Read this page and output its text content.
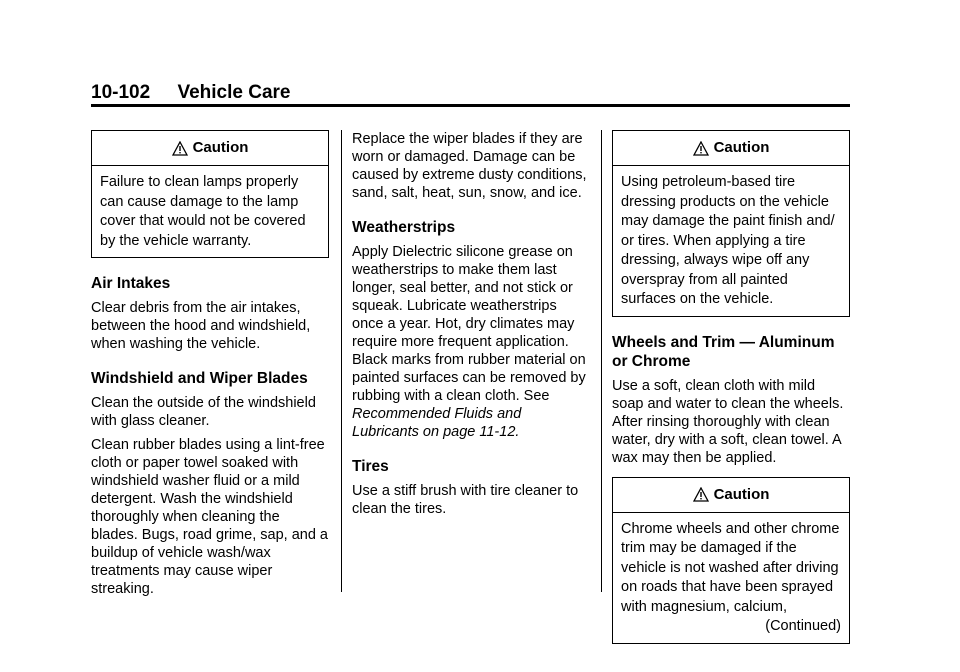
10-102 Vehicle Care
Caution
Failure to clean lamps properly can cause damage to the lamp cover that would not be covered by the vehicle warranty.
Air Intakes

Clear debris from the air intakes, between the hood and windshield, when washing the vehicle.

Windshield and Wiper Blades

Clean the outside of the windshield with glass cleaner.

Clean rubber blades using a lint-free cloth or paper towel soaked with windshield washer fluid or a mild detergent. Wash the windshield thoroughly when cleaning the blades. Bugs, road grime, sap, and a buildup of vehicle wash/wax treatments may cause wiper streaking.

Replace the wiper blades if they are worn or damaged. Damage can be caused by extreme dusty conditions, sand, salt, heat, sun, snow, and ice.

Weatherstrips

Apply Dielectric silicone grease on weatherstrips to make them last longer, seal better, and not stick or squeak. Lubricate weatherstrips once a year. Hot, dry climates may require more frequent application. Black marks from rubber material on painted surfaces can be removed by rubbing with a clean cloth. See Recommended Fluids and Lubricants on page 11-12.

Tires

Use a stiff brush with tire cleaner to clean the tires.

Caution
Using petroleum-based tire dressing products on the vehicle may damage the paint finish and/ or tires. When applying a tire dressing, always wipe off any overspray from all painted surfaces on the vehicle.
Wheels and Trim — Aluminum or Chrome

Use a soft, clean cloth with mild soap and water to clean the wheels. After rinsing thoroughly with clean water, dry with a soft, clean towel. A wax may then be applied.

Caution
Chrome wheels and other chrome trim may be damaged if the vehicle is not washed after driving on roads that have been sprayed with magnesium, calcium,
(Continued)
